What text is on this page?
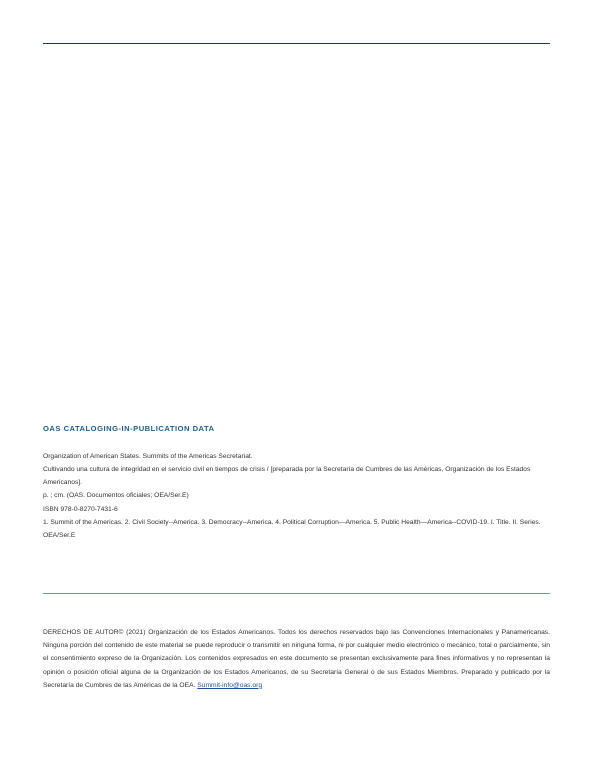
OAS CATALOGING-IN-PUBLICATION DATA

Organization of American States. Summits of the Americas Secretariat.

Cultivando una cultura de integridad en el servicio civil en tiempos de crisis / [preparada por la Secretaría de Cumbres de las Américas, Organización de los Estados Americanos].

p. ; cm. (OAS. Documentos oficiales; OEA/Ser.E)

ISBN 978-0-8270-7431-6

1. Summit of the Americas. 2. Civil Society--America. 3. Democracy--America. 4. Political Corruption—America. 5. Public Health—America--COVID-19. I. Title. II. Series.

OEA/Ser.E

DERECHOS DE AUTOR© (2021) Organización de los Estados Americanos. Todos los derechos reservados bajo las Convenciones Internacionales y Panamericanas. Ninguna porción del contenido de este material se puede reproducir o transmitir en ninguna forma, ni por cualquier medio electrónico o mecánico, total o parcialmente, sin el consentimiento expreso de la Organización. Los contenidos expresados en este documento se presentan exclusivamente para fines informativos y no representan la opinión o posición oficial alguna de la Organización de los Estados Americanos, de su Secretaría General o de sus Estados Miembros. Preparado y publicado por la Secretaría de Cumbres de las Américas de la OEA. Summit-info@oas.org
